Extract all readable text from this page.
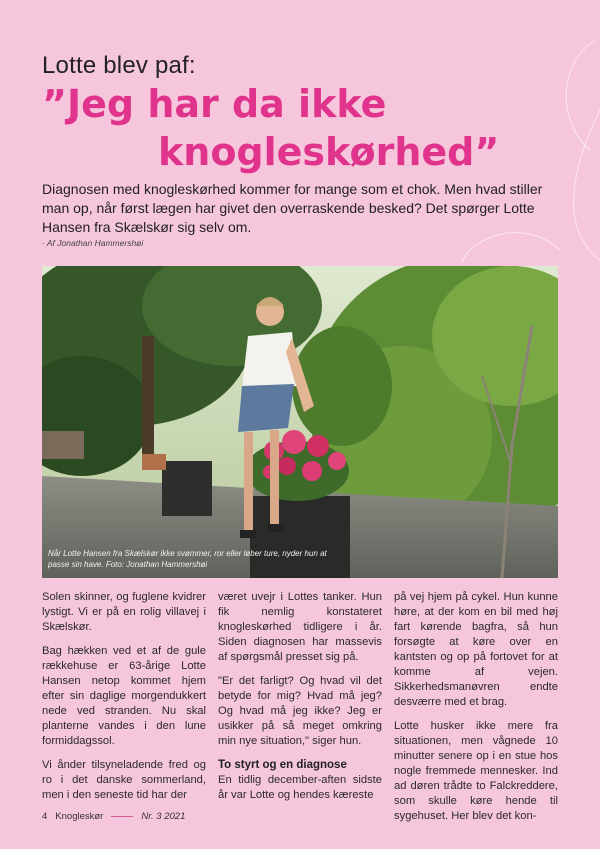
Lotte blev paf:
”Jeg har da ikke
knogleskørhed”
Diagnosen med knogleskørhed kommer for mange som et chok. Men hvad stiller man op, når først lægen har givet den overraskende besked? Det spørger Lotte Hansen fra Skælskør sig selv om.
· Af Jonathan Hammershøi
Når Lotte Hansen fra Skælskør ikke svømmer, ror eller løber ture, nyder hun at passe sin have. Foto: Jonathan Hammershøi

Solen skinner, og fuglene kvidrer lystigt. Vi er på en rolig villavej i Skælskør.

Bag hækken ved et af de gule rækkehuse er 63-årige Lotte Hansen netop kommet hjem efter sin daglige morgendukkert nede ved stranden. Nu skal planterne vandes i den lune formiddagssol.

Vi ånder tilsyneladende fred og ro i det danske sommerland, men i den seneste tid har der

været uvejr i Lottes tanker. Hun fik nemlig konstateret knogleskørhed tidligere i år. Siden diagnosen har massevis af spørgsmål presset sig på.

"Er det farligt? Og hvad vil det betyde for mig? Hvad må jeg? Og hvad må jeg ikke? Jeg er usikker på så meget omkring min nye situation," siger hun.

To styrt og en diagnose

En tidlig december-aften sidste år var Lotte og hendes kæreste

på vej hjem på cykel. Hun kunne høre, at der kom en bil med høj fart kørende bagfra, så hun forsøgte at køre over en kantsten og op på fortovet for at komme af vejen. Sikkerhedsmanøvren endte desværre med et brag.

Lotte husker ikke mere fra situationen, men vågnede 10 minutter senere op i en stue hos nogle fremmede mennesker. Ind ad døren trådte to Falckreddere, som skulle køre hende til sygehuset. Her blev det kon-

4 Knogleskør	Nr. 3 2021
